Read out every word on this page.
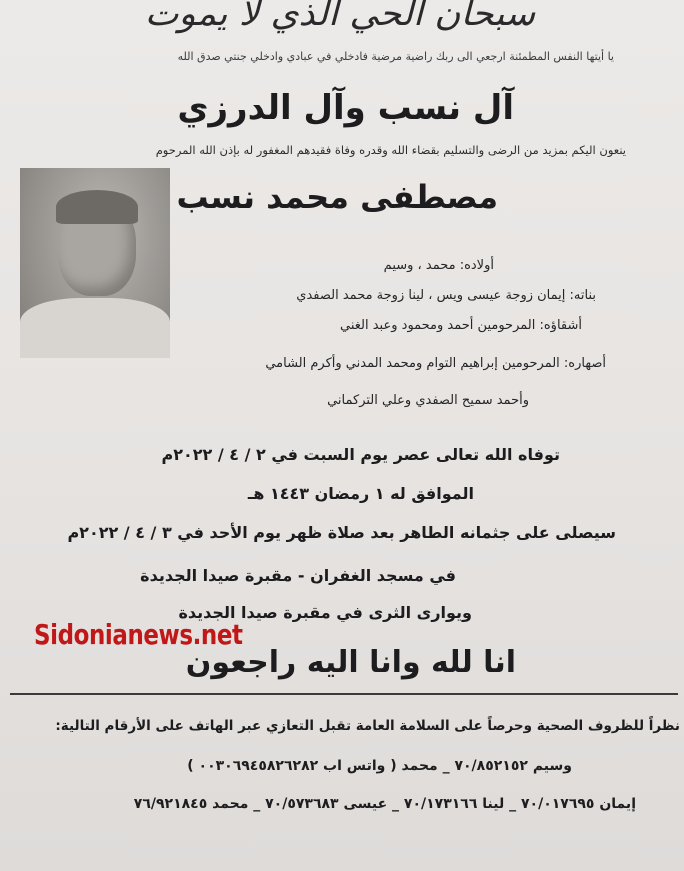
سبحان الحي الذي لا يموت
يا أيتها النفس المطمئنة ارجعي الى ربك راضية مرضية فادخلي في عبادي وادخلي جنتي صدق الله
آل نسب وآل الدرزي
ينعون اليكم بمزيد من الرضى والتسليم بقضاء الله وقدره وفاة فقيدهم المغفور له بإذن الله المرحوم
مصطفى محمد نسب
أولاده: محمد ، وسيم
بناته: إيمان زوجة عيسى ويس ، لينا زوجة محمد الصفدي
أشقاؤه: المرحومين أحمد ومحمود وعبد الغني
أصهاره: المرحومين إبراهيم التوام ومحمد المدني وأكرم الشامي
وأحمد سميح الصفدي وعلي التركماني
توفاه الله تعالى عصر يوم السبت في ٢ / ٤ / ٢٠٢٢م
الموافق له ١ رمضان ١٤٤٣ هـ
سيصلى على جثمانه الطاهر بعد صلاة ظهر يوم الأحد في ٣ / ٤ / ٢٠٢٢م
في مسجد الغفران - مقبرة صيدا الجديدة
ويوارى الثرى في مقبرة صيدا الجديدة
Sidonianews.net
انا لله وانا اليه راجعون
نظراً للظروف الصحية وحرصاً على السلامة العامة تقبل التعازي عبر الهاتف على الأرقام التالية:
وسيم ٧٠/٨٥٢١٥٢ _ محمد ( واتس اب ٠٠٣٠٦٩٤٥٨٢٦٢٨٢ )
إيمان ٧٠/٠١٧٦٩٥ _ لينا ٧٠/١٧٣١٦٦ _ عيسى ٧٠/٥٧٣٦٨٣ _ محمد ٧٦/٩٢١٨٤٥
